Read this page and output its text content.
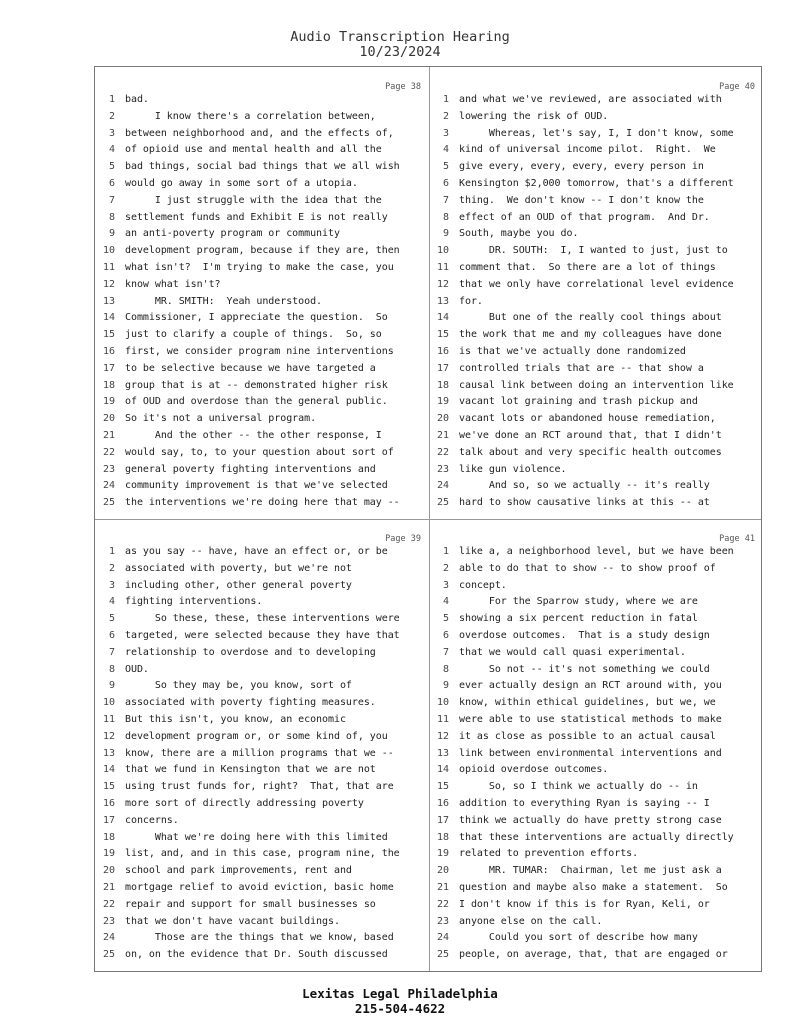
Audio Transcription Hearing
10/23/2024
Page 38
1	bad.
2	I know there's a correlation between,
3	between neighborhood and, and the effects of,
4	of opioid use and mental health and all the
5	bad things, social bad things that we all wish
6	would go away in some sort of a utopia.
7	I just struggle with the idea that the
8	settlement funds and Exhibit E is not really
9	an anti-poverty program or community
10	development program, because if they are, then
11	what isn't?  I'm trying to make the case, you
12	know what isn't?
13	MR. SMITH:  Yeah understood.
14	Commissioner, I appreciate the question.  So
15	just to clarify a couple of things.  So, so
16	first, we consider program nine interventions
17	to be selective because we have targeted a
18	group that is at -- demonstrated higher risk
19	of OUD and overdose than the general public.
20	So it's not a universal program.
21	And the other -- the other response, I
22	would say, to, to your question about sort of
23	general poverty fighting interventions and
24	community improvement is that we've selected
25	the interventions we're doing here that may --
Page 40
1	and what we've reviewed, are associated with
2	lowering the risk of OUD.
3	Whereas, let's say, I, I don't know, some
4	kind of universal income pilot.  Right.  We
5	give every, every, every, every person in
6	Kensington $2,000 tomorrow, that's a different
7	thing.  We don't know -- I don't know the
8	effect of an OUD of that program.  And Dr.
9	South, maybe you do.
10	DR. SOUTH:  I, I wanted to just, just to
11	comment that.  So there are a lot of things
12	that we only have correlational level evidence
13	for.
14	But one of the really cool things about
15	the work that me and my colleagues have done
16	is that we've actually done randomized
17	controlled trials that are -- that show a
18	causal link between doing an intervention like
19	vacant lot graining and trash pickup and
20	vacant lots or abandoned house remediation,
21	we've done an RCT around that, that I didn't
22	talk about and very specific health outcomes
23	like gun violence.
24	And so, so we actually -- it's really
25	hard to show causative links at this -- at
Page 39
1	as you say -- have, have an effect or, or be
2	associated with poverty, but we're not
3	including other, other general poverty
4	fighting interventions.
5	So these, these, these interventions were
6	targeted, were selected because they have that
7	relationship to overdose and to developing
8	OUD.
9	So they may be, you know, sort of
10	associated with poverty fighting measures.
11	But this isn't, you know, an economic
12	development program or, or some kind of, you
13	know, there are a million programs that we --
14	that we fund in Kensington that we are not
15	using trust funds for, right?  That, that are
16	more sort of directly addressing poverty
17	concerns.
18	What we're doing here with this limited
19	list, and, and in this case, program nine, the
20	school and park improvements, rent and
21	mortgage relief to avoid eviction, basic home
22	repair and support for small businesses so
23	that we don't have vacant buildings.
24	Those are the things that we know, based
25	on, on the evidence that Dr. South discussed
Page 41
1	like a, a neighborhood level, but we have been
2	able to do that to show -- to show proof of
3	concept.
4	For the Sparrow study, where we are
5	showing a six percent reduction in fatal
6	overdose outcomes.  That is a study design
7	that we would call quasi experimental.
8	So not -- it's not something we could
9	ever actually design an RCT around with, you
10	know, within ethical guidelines, but we, we
11	were able to use statistical methods to make
12	it as close as possible to an actual causal
13	link between environmental interventions and
14	opioid overdose outcomes.
15	So, so I think we actually do -- in
16	addition to everything Ryan is saying -- I
17	think we actually do have pretty strong case
18	that these interventions are actually directly
19	related to prevention efforts.
20	MR. TUMAR:  Chairman, let me just ask a
21	question and maybe also make a statement.  So
22	I don't know if this is for Ryan, Keli, or
23	anyone else on the call.
24	Could you sort of describe how many
25	people, on average, that, that are engaged or
Lexitas Legal Philadelphia
215-504-4622
